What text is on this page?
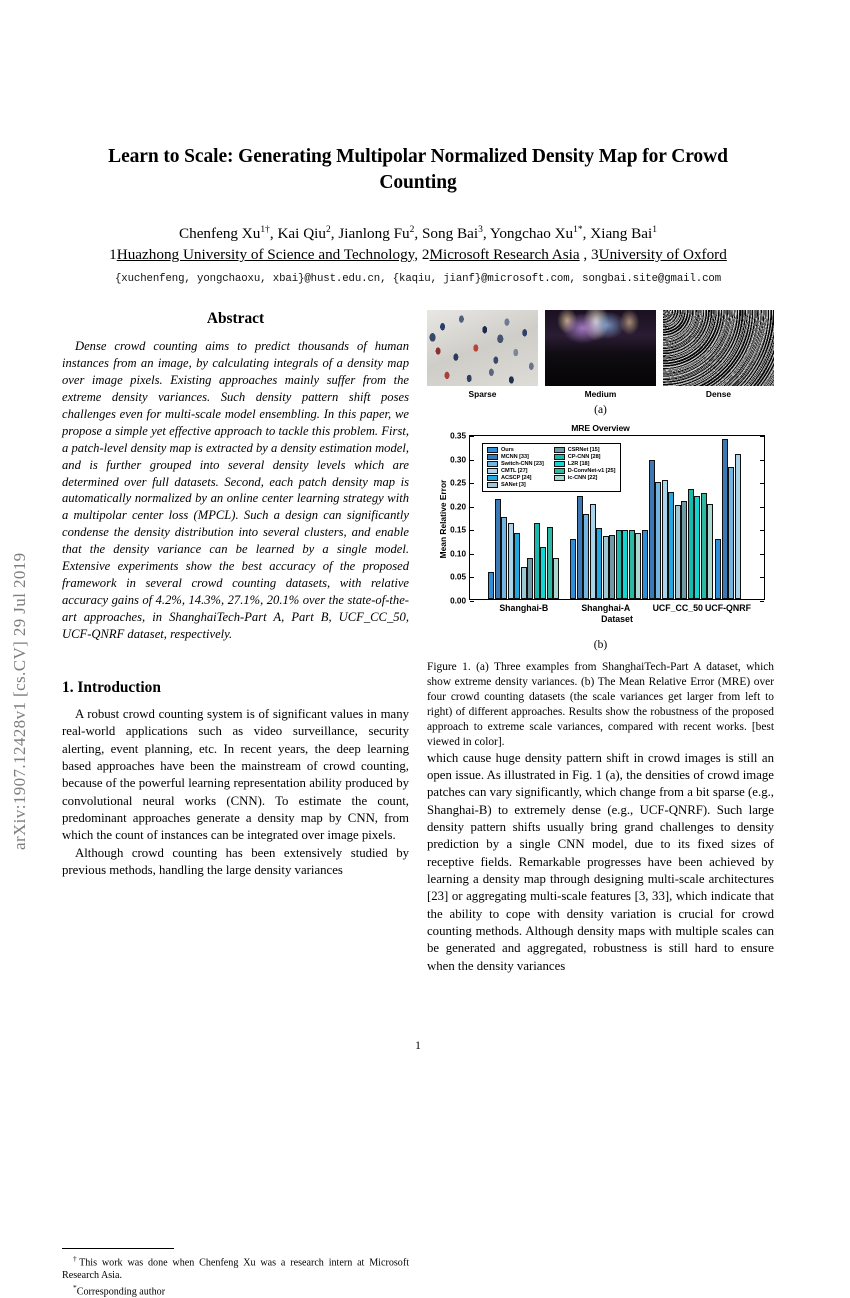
arXiv:1907.12428v1 [cs.CV] 29 Jul 2019
Learn to Scale: Generating Multipolar Normalized Density Map for Crowd Counting
Chenfeng $Xu^{1\dagger}$, Kai Qiu$^2$, Jianlong Fu$^2$, Song Bai$^3$, Yongchao $Xu^{1*}$, Xiang Bai$^1$
1Huazhong University of Science and Technology, 2Microsoft Research Asia , 3University of Oxford
{xuchenfeng, yongchaoxu, xbai}@hust.edu.cn, {kaqiu, jianf}@microsoft.com, songbai.site@gmail.com
Abstract

Dense crowd counting aims to predict thousands of human instances from an image, by calculating integrals of a density map over image pixels. Existing approaches mainly suffer from the extreme density variances. Such density pattern shift poses challenges even for multi-scale model ensembling. In this paper, we propose a simple yet effective approach to tackle this problem. First, a patch-level density map is extracted by a density estimation model, and is further grouped into several density levels which are determined over full datasets. Second, each patch density map is automatically normalized by an online center learning strategy with a multipolar center loss (MPCL). Such a design can significantly condense the density distribution into several clusters, and enable that the density variance can be learned by a single model. Extensive experiments show the best accuracy of the proposed framework in several crowd counting datasets, with relative accuracy gains of 4.2%, 14.3%, 27.1%, 20.1% over the state-of-the-art approaches, in ShanghaiTech-Part A, Part B, UCF_CC_50, UCF-QNRF dataset, respectively.

1. Introduction

A robust crowd counting system is of significant values in many real-world applications such as video surveillance, security alerting, event planning, etc. In recent years, the deep learning based approaches have been the mainstream of crowd counting, because of the powerful learning representation ability produced by convolutional neural works (CNN). To estimate the count, predominant approaches generate a density map by CNN, from which the count of instances can be integrated over image pixels.

Although crowd counting has been extensively studied by previous methods, handling the large density variances

†This work was done when Chenfeng Xu was a research intern at Microsoft Research Asia.

*Corresponding author

Sparse	Medium	Dense
(a)
MRE Overview
Mean Relative Error
Ours
MCNN [33]
Switch-CNN [23]
CMTL [27]
ACSCP [24]
SANet [3]
CSRNet [15]
CP-CNN [28]
L2R [18]
D-ConvNet-v1 [25]
ic-CNN [22]
0.00
0.05
0.10
0.15
0.20
0.25
0.30
0.35
Shanghai-B	Shanghai-A	UCF_CC_50 UCF-QNRF
Dataset
(b)

Figure 1. (a) Three examples from ShanghaiTech-Part A dataset, which show extreme density variances. (b) The Mean Relative Error (MRE) over four crowd counting datasets (the scale variances get larger from left to right) of different approaches. Results show the robustness of the proposed approach to extreme scale variances, compared with recent works. [best viewed in color].

which cause huge density pattern shift in crowd images is still an open issue. As illustrated in Fig. 1 (a), the densities of crowd image patches can vary significantly, which change from a bit sparse (e.g., Shanghai-B) to extremely dense (e.g., UCF-QNRF). Such large density pattern shifts usually bring grand challenges to density prediction by a single CNN model, due to its fixed sizes of receptive fields. Remarkable progresses have been achieved by learning a density map through designing multi-scale architectures [23] or aggregating multi-scale features [3, 33], which indicate that the ability to cope with density variation is crucial for crowd counting methods. Although density maps with multiple scales can be generated and aggregated, robustness is still hard to ensure when the density variances

1
